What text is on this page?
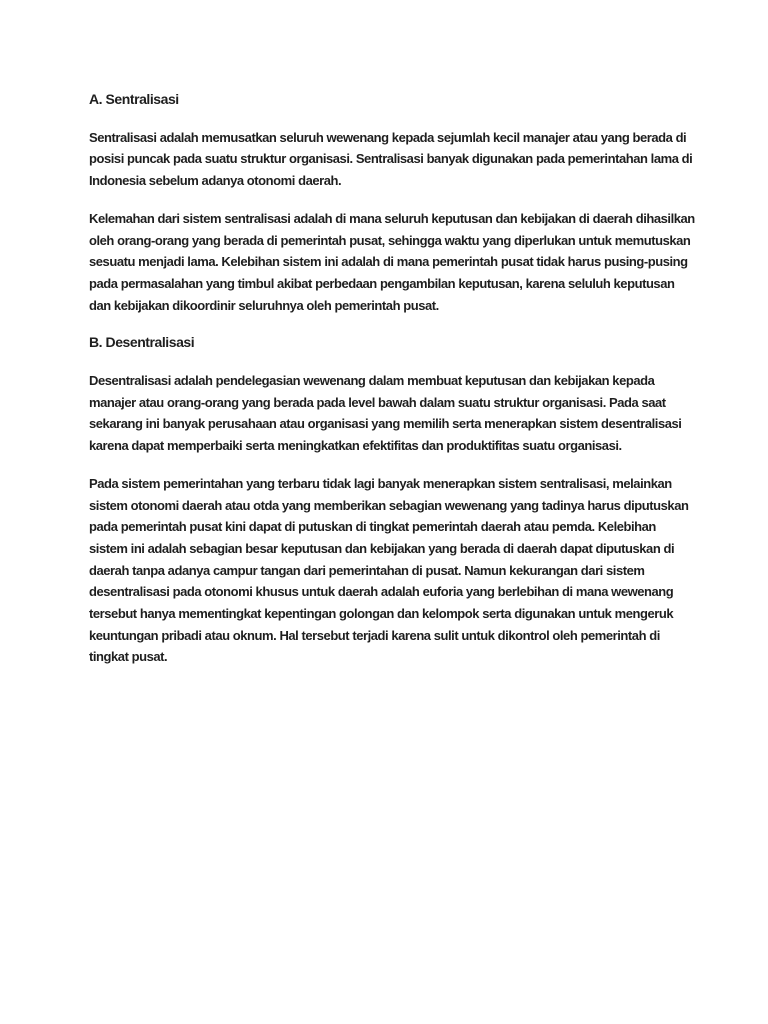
A. Sentralisasi
Sentralisasi adalah memusatkan seluruh wewenang kepada sejumlah kecil manajer atau yang berada di
posisi puncak pada suatu struktur organisasi. Sentralisasi banyak digunakan pada pemerintahan lama di
Indonesia sebelum adanya otonomi daerah.
Kelemahan dari sistem sentralisasi adalah di mana seluruh keputusan dan kebijakan di daerah dihasilkan
oleh orang-orang yang berada di pemerintah pusat, sehingga waktu yang diperlukan untuk memutuskan
sesuatu menjadi lama. Kelebihan sistem ini adalah di mana pemerintah pusat tidak harus pusing-pusing
pada permasalahan yang timbul akibat perbedaan pengambilan keputusan, karena seluluh keputusan
dan kebijakan dikoordinir seluruhnya oleh pemerintah pusat.
B. Desentralisasi
Desentralisasi adalah pendelegasian wewenang dalam membuat keputusan dan kebijakan kepada
manajer atau orang-orang yang berada pada level bawah dalam suatu struktur organisasi. Pada saat
sekarang ini banyak perusahaan atau organisasi yang memilih serta menerapkan sistem desentralisasi
karena dapat memperbaiki serta meningkatkan efektifitas dan produktifitas suatu organisasi.
Pada sistem pemerintahan yang terbaru tidak lagi banyak menerapkan sistem sentralisasi, melainkan
sistem otonomi daerah atau otda yang memberikan sebagian wewenang yang tadinya harus diputuskan
pada pemerintah pusat kini dapat di putuskan di tingkat pemerintah daerah atau pemda. Kelebihan
sistem ini adalah sebagian besar keputusan dan kebijakan yang berada di daerah dapat diputuskan di
daerah tanpa adanya campur tangan dari pemerintahan di pusat. Namun kekurangan dari sistem
desentralisasi pada otonomi khusus untuk daerah adalah euforia yang berlebihan di mana wewenang
tersebut hanya mementingkat kepentingan golongan dan kelompok serta digunakan untuk mengeruk
keuntungan pribadi atau oknum. Hal tersebut terjadi karena sulit untuk dikontrol oleh pemerintah di
tingkat pusat.
